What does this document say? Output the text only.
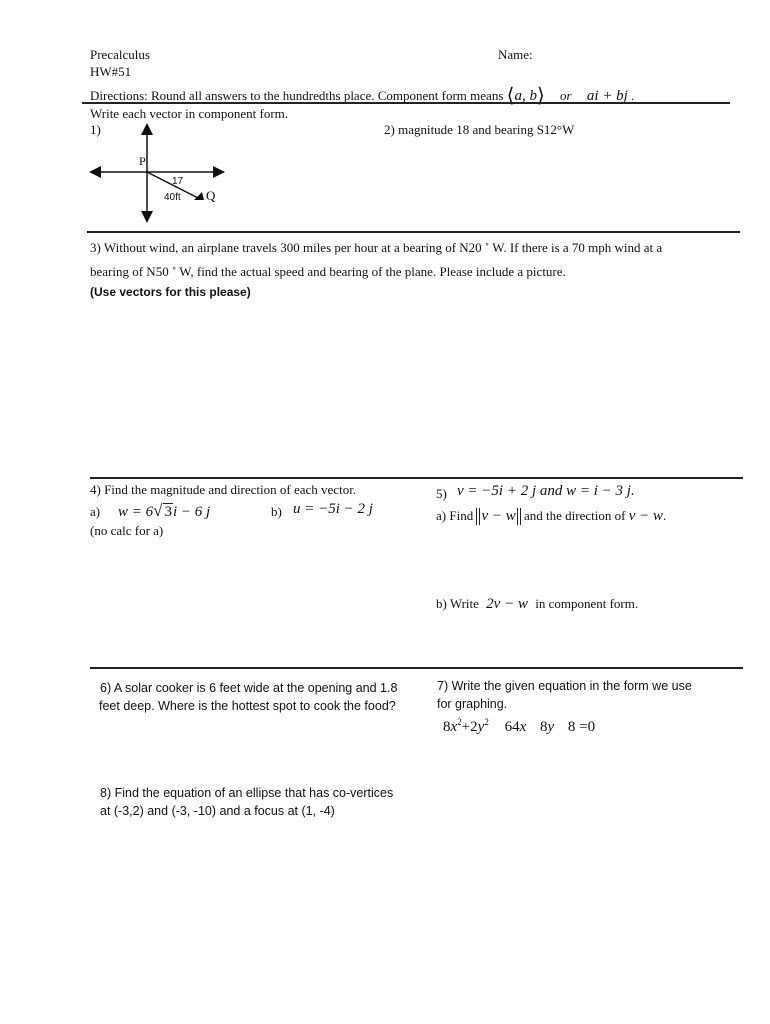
Precalculus
HW#51
Name:
Directions: Round all answers to the hundredths place. Component form means ⟨a, b⟩ or ai + bj .
Write each vector in component form.
1)	2) magnitude 18 and bearing S12°W
P
17
40ft Q
3) Without wind, an airplane travels 300 miles per hour at a bearing of N20 ˚ W. If there is a 70 mph wind at a
bearing of N50 ˚ W, find the actual speed and bearing of the plane. Please include a picture.
(Use vectors for this please)
4) Find the magnitude and direction of each vector.
a) w = 6√ 3i − 6 j	b) u = −5i − 2 j
(no calc for a)
5) v = −5i + 2 j and w = i − 3 j.
a) Find v − w and the direction of v − w.
b) Write 2v − w in component form.
6) A solar cooker is 6 feet wide at the opening and 1.8
feet deep. Where is the hottest spot to cook the food?
7) Write the given equation in the form we use
for graphing.
$8x^2+2y^2$ 64x 8y 8 =0
8) Find the equation of an ellipse that has co-vertices
at (-3,2) and (-3, -10) and a focus at (1, -4)
